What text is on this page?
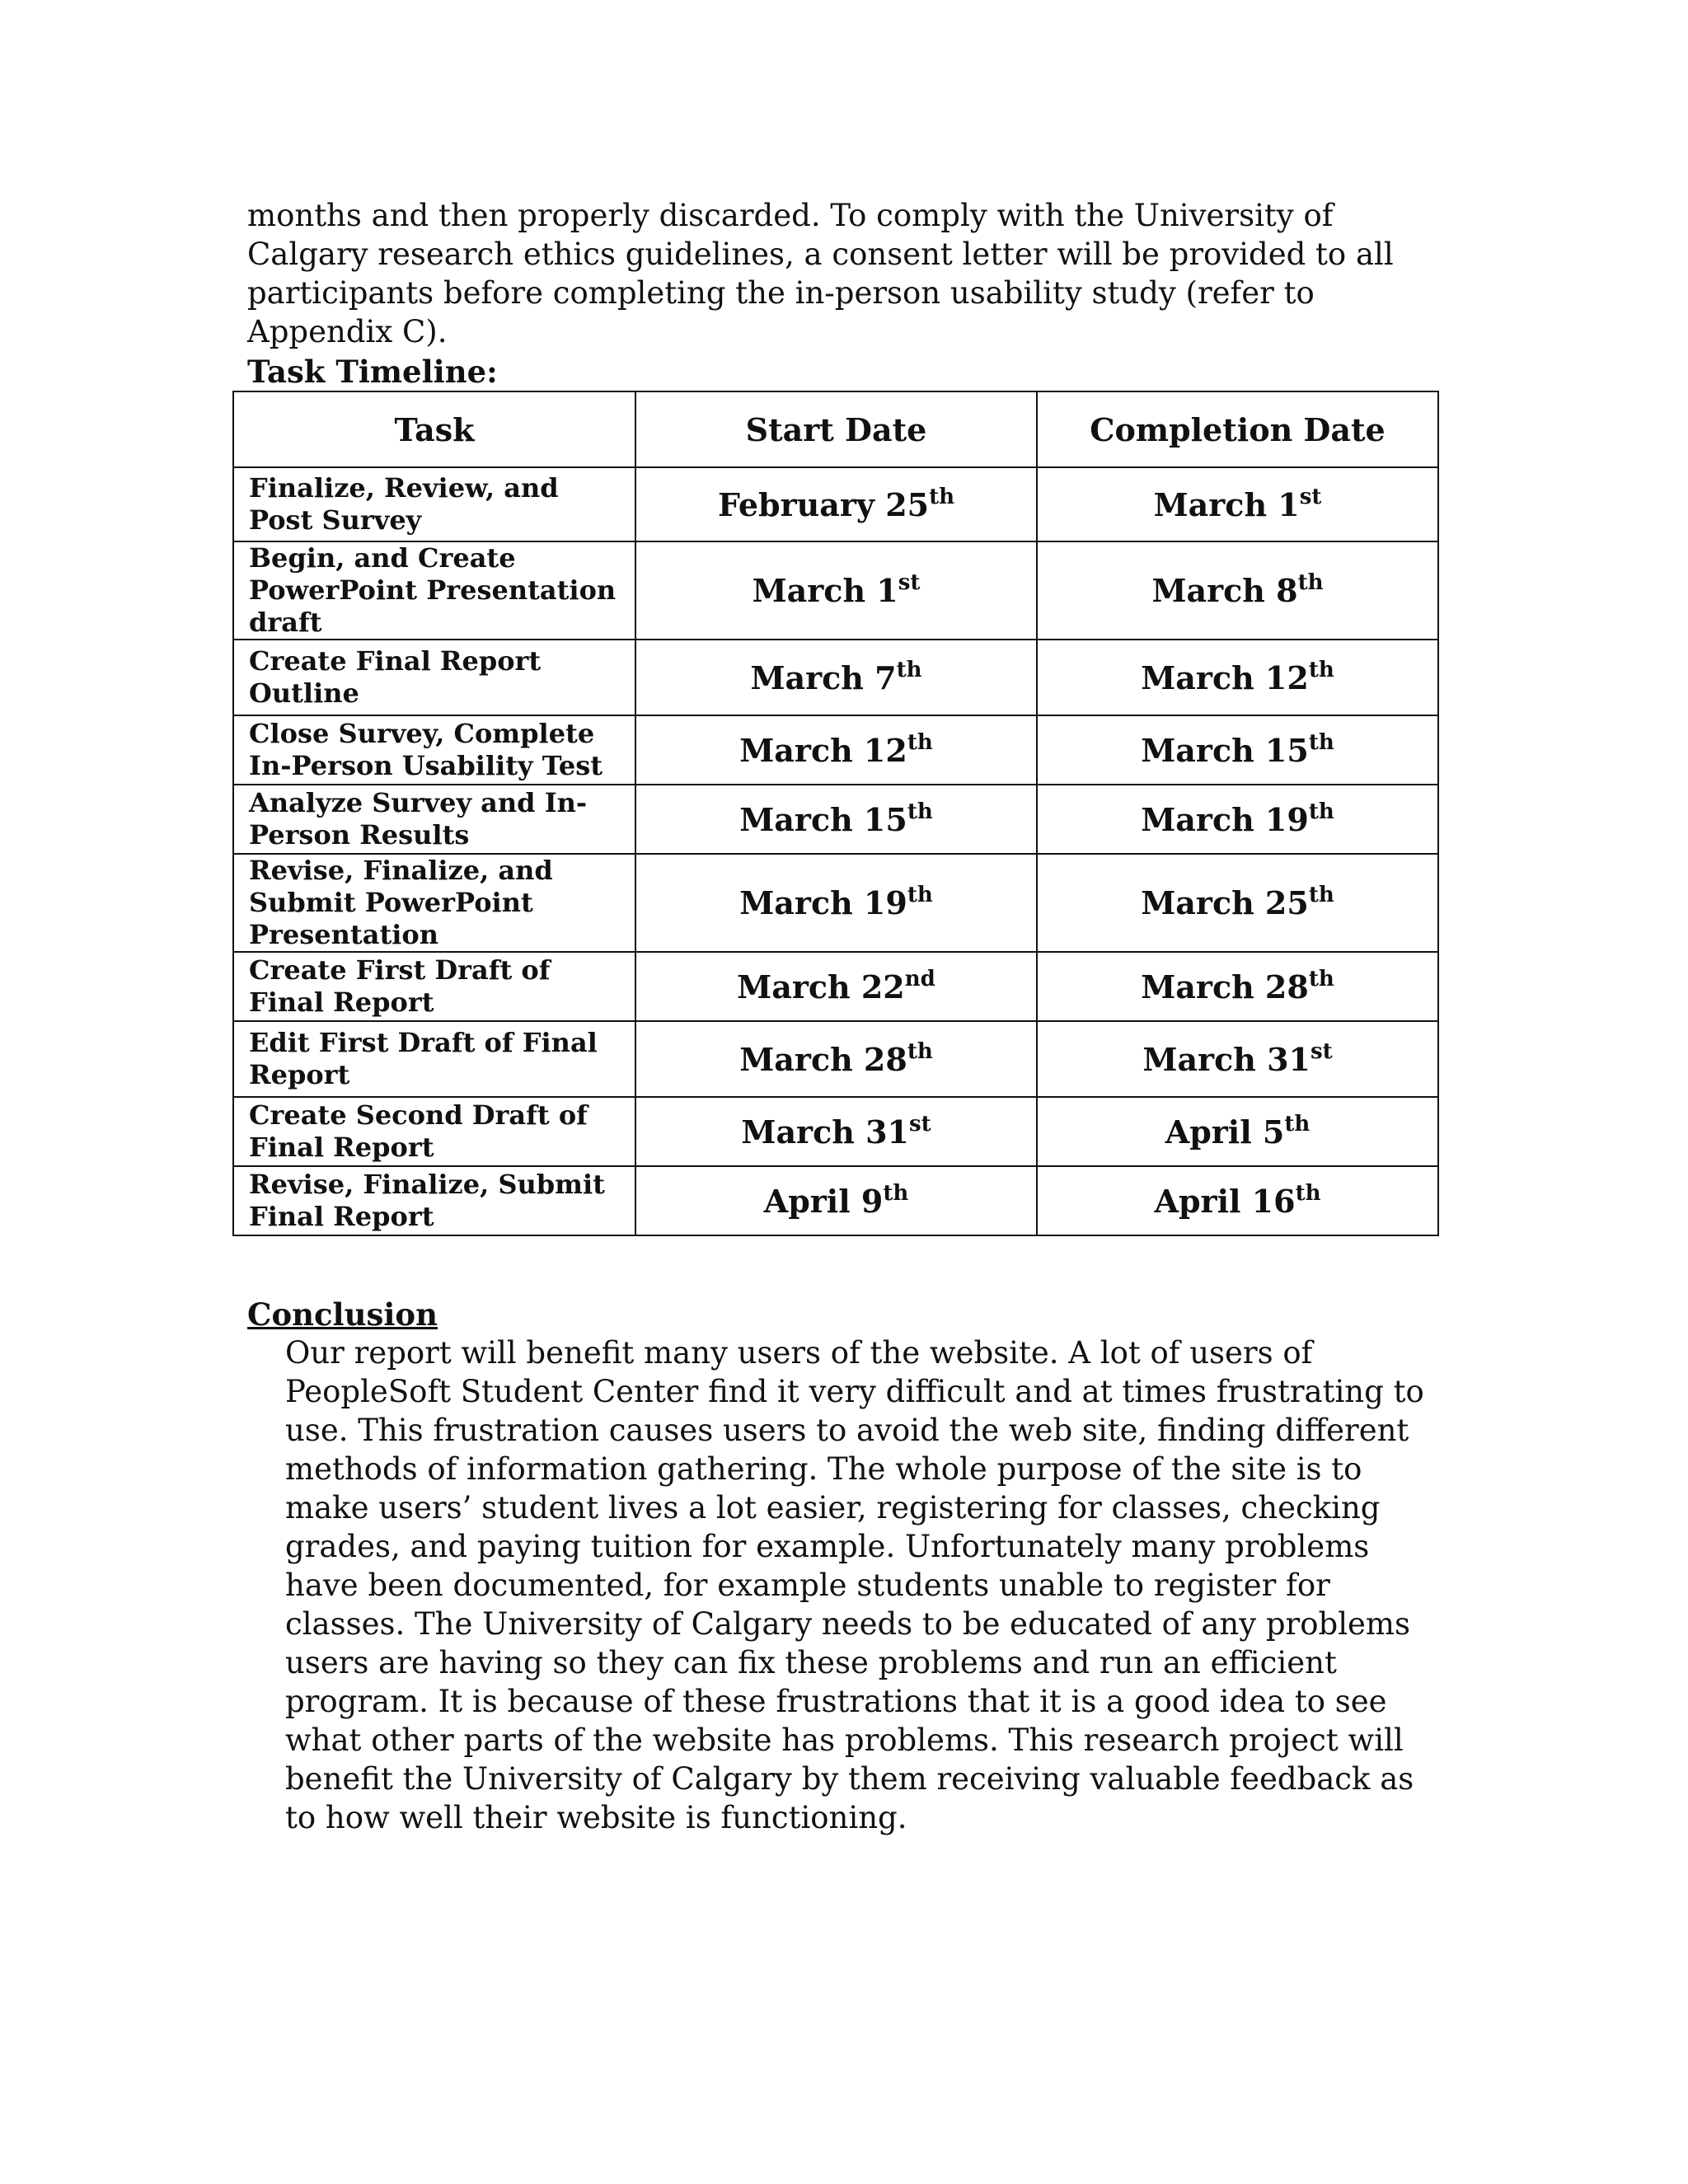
months and then properly discarded. To comply with the University of Calgary research ethics guidelines, a consent letter will be provided to all participants before completing the in-person usability study (refer to Appendix C).

Task Timeline:

Task	Start Date	Completion Date
Finalize, Review, and Post Survey	February 25th	March 1st
Begin, and Create PowerPoint Presentation draft	March 1st	March 8th
Create Final Report Outline	March 7th	March 12th
Close Survey, Complete In-Person Usability Test	March 12th	March 15th
Analyze Survey and In-Person Results	March 15th	March 19th
Revise, Finalize, and Submit PowerPoint Presentation	March 19th	March 25th
Create First Draft of Final Report	March 22nd	March 28th
Edit First Draft of Final Report	March 28th	March 31st
Create Second Draft of Final Report	March 31st	April 5th
Revise, Finalize, Submit Final Report	April 9th	April 16th

Conclusion

Our report will benefit many users of the website. A lot of users of PeopleSoft Student Center find it very difficult and at times frustrating to use. This frustration causes users to avoid the web site, finding different methods of information gathering. The whole purpose of the site is to make users’ student lives a lot easier, registering for classes, checking grades, and paying tuition for example. Unfortunately many problems have been documented, for example students unable to register for classes. The University of Calgary needs to be educated of any problems users are having so they can fix these problems and run an efficient program. It is because of these frustrations that it is a good idea to see what other parts of the website has problems. This research project will benefit the University of Calgary by them receiving valuable feedback as to how well their website is functioning.
